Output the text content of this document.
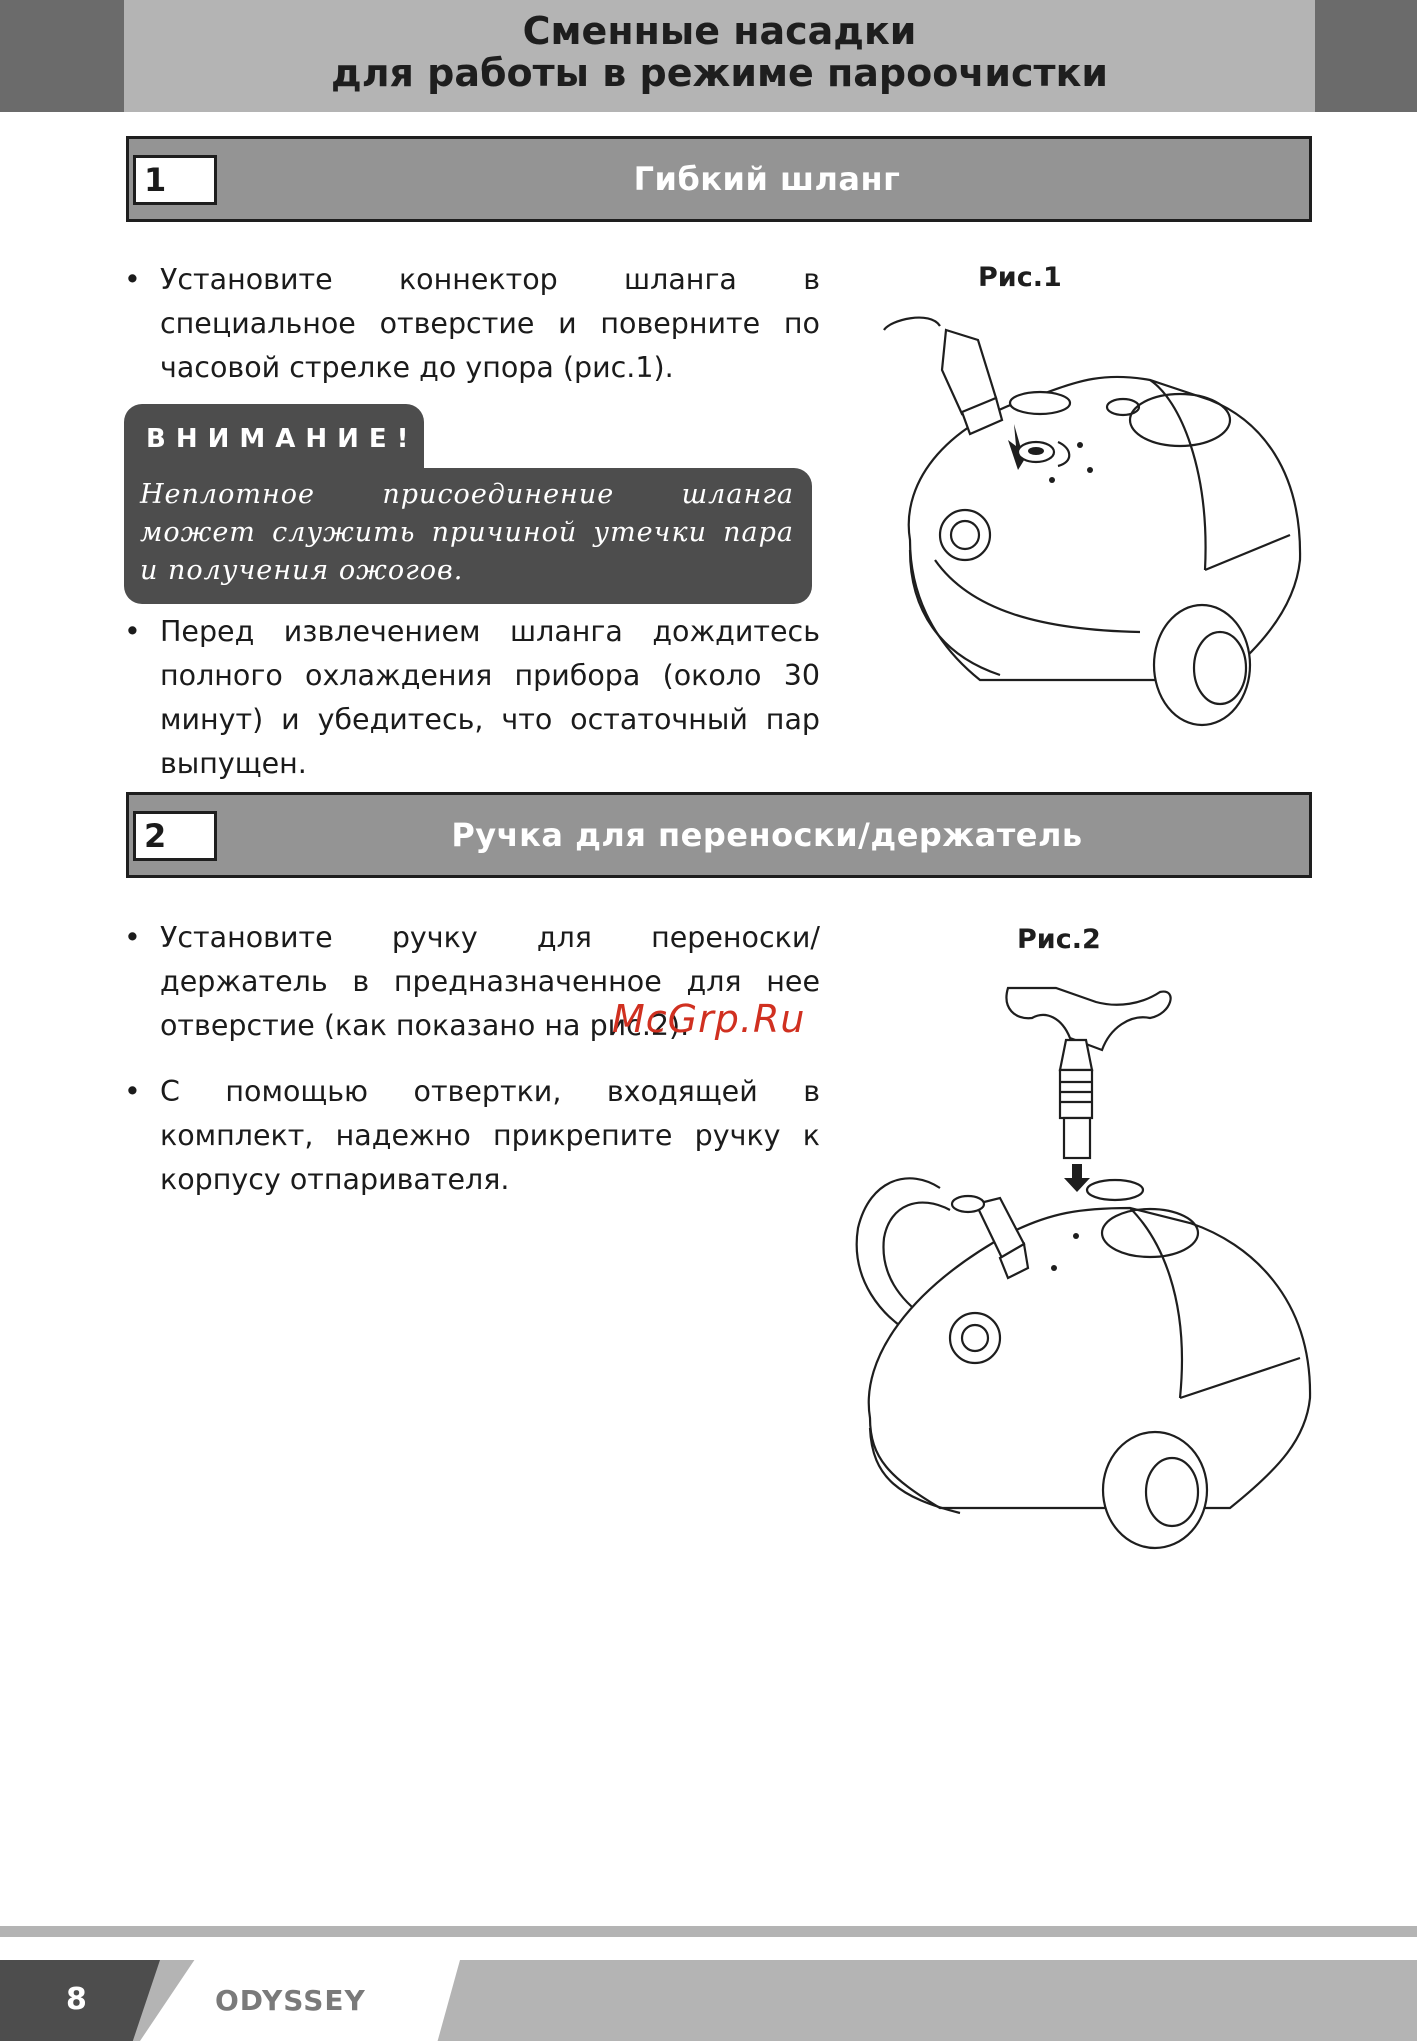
Сменные насадки
для работы в режиме пароочистки
1	Гибкий шланг
• Установите коннектор шланга в специальное отверстие и поверните по часовой стрелке до упора (рис.1).
ВНИМАНИЕ!
Неплотное присоединение шланга может служить причиной утечки пара и получения ожогов.
• Перед извлечением шланга дождитесь полного охлаждения прибора (около 30 минут) и убедитесь, что остаточный пар выпущен.
Рис.1
2	Ручка для переноски/держатель
• Установите ручку для переноски/держатель в предназначенное для нее отверстие (как показано на рис.2).
• С помощью отвертки, входящей в комплект, надежно прикрепите ручку к корпусу отпаривателя.
McGrp.Ru
Рис.2
8	ODYSSEY
